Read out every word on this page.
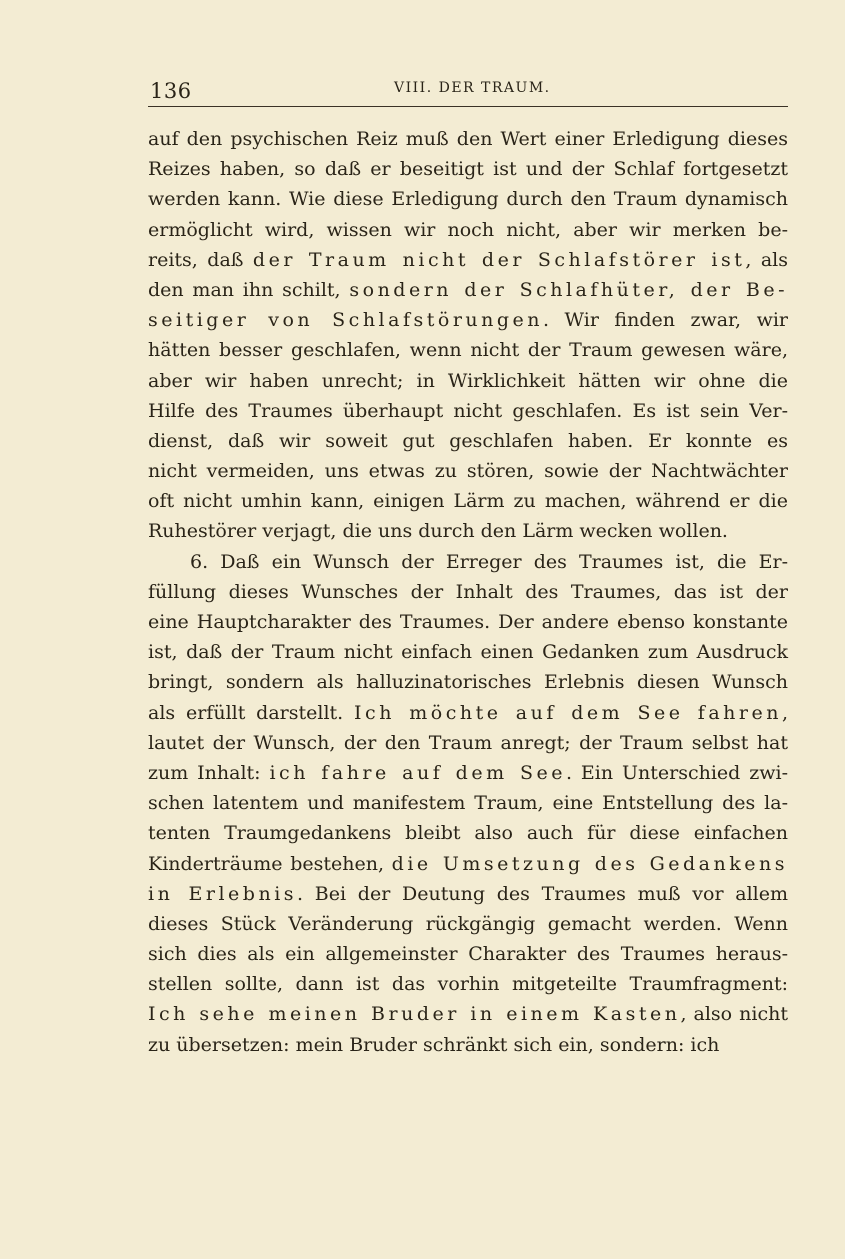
136	VIII. DER TRAUM.
auf den psychischen Reiz muß den Wert einer Erledigung dieses
Reizes haben, so daß er beseitigt ist und der Schlaf fortgesetzt
werden kann. Wie diese Erledigung durch den Traum dynamisch
ermöglicht wird, wissen wir noch nicht, aber wir merken be-
reits, daß der Traum nicht der Schlafstörer ist, als
den man ihn schilt, sondern der Schlafhüter, der Be-
seitiger von Schlafstörungen. Wir finden zwar, wir
hätten besser geschlafen, wenn nicht der Traum gewesen wäre,
aber wir haben unrecht; in Wirklichkeit hätten wir ohne die
Hilfe des Traumes überhaupt nicht geschlafen. Es ist sein Ver-
dienst, daß wir soweit gut geschlafen haben. Er konnte es
nicht vermeiden, uns etwas zu stören, sowie der Nachtwächter
oft nicht umhin kann, einigen Lärm zu machen, während er die
Ruhestörer verjagt, die uns durch den Lärm wecken wollen.
6. Daß ein Wunsch der Erreger des Traumes ist, die Er-
füllung dieses Wunsches der Inhalt des Traumes, das ist der
eine Hauptcharakter des Traumes. Der andere ebenso konstante
ist, daß der Traum nicht einfach einen Gedanken zum Ausdruck
bringt, sondern als halluzinatorisches Erlebnis diesen Wunsch
als erfüllt darstellt. Ich möchte auf dem See fahren,
lautet der Wunsch, der den Traum anregt; der Traum selbst hat
zum Inhalt: ich fahre auf dem See. Ein Unterschied zwi-
schen latentem und manifestem Traum, eine Entstellung des la-
tenten Traumgedankens bleibt also auch für diese einfachen
Kinderträume bestehen, die Umsetzung des Gedankens
in Erlebnis. Bei der Deutung des Traumes muß vor allem
dieses Stück Veränderung rückgängig gemacht werden. Wenn
sich dies als ein allgemeinster Charakter des Traumes heraus-
stellen sollte, dann ist das vorhin mitgeteilte Traumfragment:
Ich sehe meinen Bruder in einem Kasten, also nicht
zu übersetzen: mein Bruder schränkt sich ein, sondern: ich
